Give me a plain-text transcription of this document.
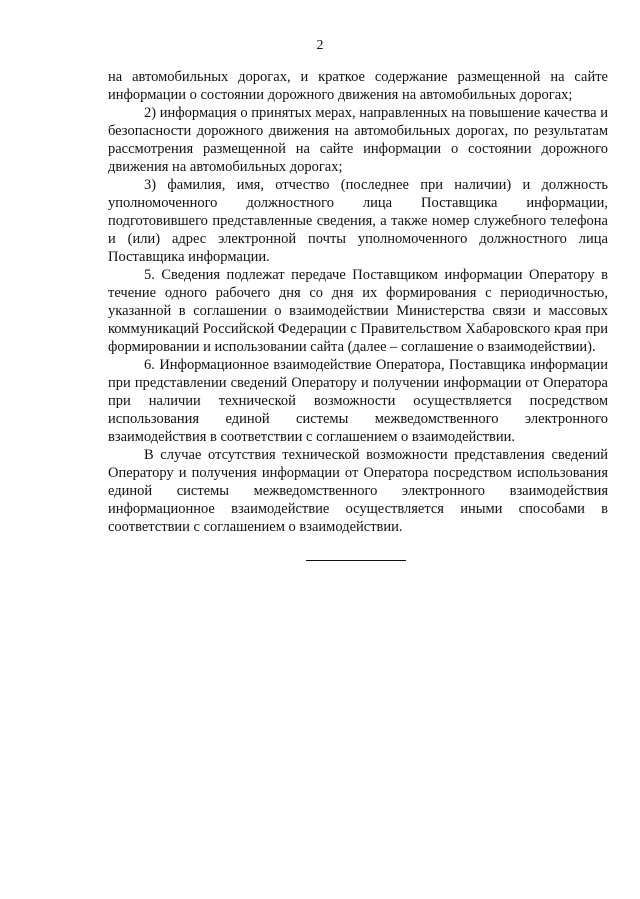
2

на автомобильных дорогах, и краткое содержание размещенной на сайте информации о состоянии дорожного движения на автомобильных дорогах;

2) информация о принятых мерах, направленных на повышение качества и безопасности дорожного движения на автомобильных дорогах, по результатам рассмотрения размещенной на сайте информации о состоянии дорожного движения на автомобильных дорогах;

3) фамилия, имя, отчество (последнее при наличии) и должность уполномоченного должностного лица Поставщика информации, подготовившего представленные сведения, а также номер служебного телефона и (или) адрес электронной почты уполномоченного должностного лица Поставщика информации.

5. Сведения подлежат передаче Поставщиком информации Оператору в течение одного рабочего дня со дня их формирования с периодичностью, указанной в соглашении о взаимодействии Министерства связи и массовых коммуникаций Российской Федерации с Правительством Хабаровского края при формировании и использовании сайта (далее – соглашение о взаимодействии).

6. Информационное взаимодействие Оператора, Поставщика информации при представлении сведений Оператору и получении информации от Оператора при наличии технической возможности осуществляется посредством использования единой системы межведомственного электронного взаимодействия в соответствии с соглашением о взаимодействии.

В случае отсутствия технической возможности представления сведений Оператору и получения информации от Оператора посредством использования единой системы межведомственного электронного взаимодействия информационное взаимодействие осуществляется иными способами в соответствии с соглашением о взаимодействии.
